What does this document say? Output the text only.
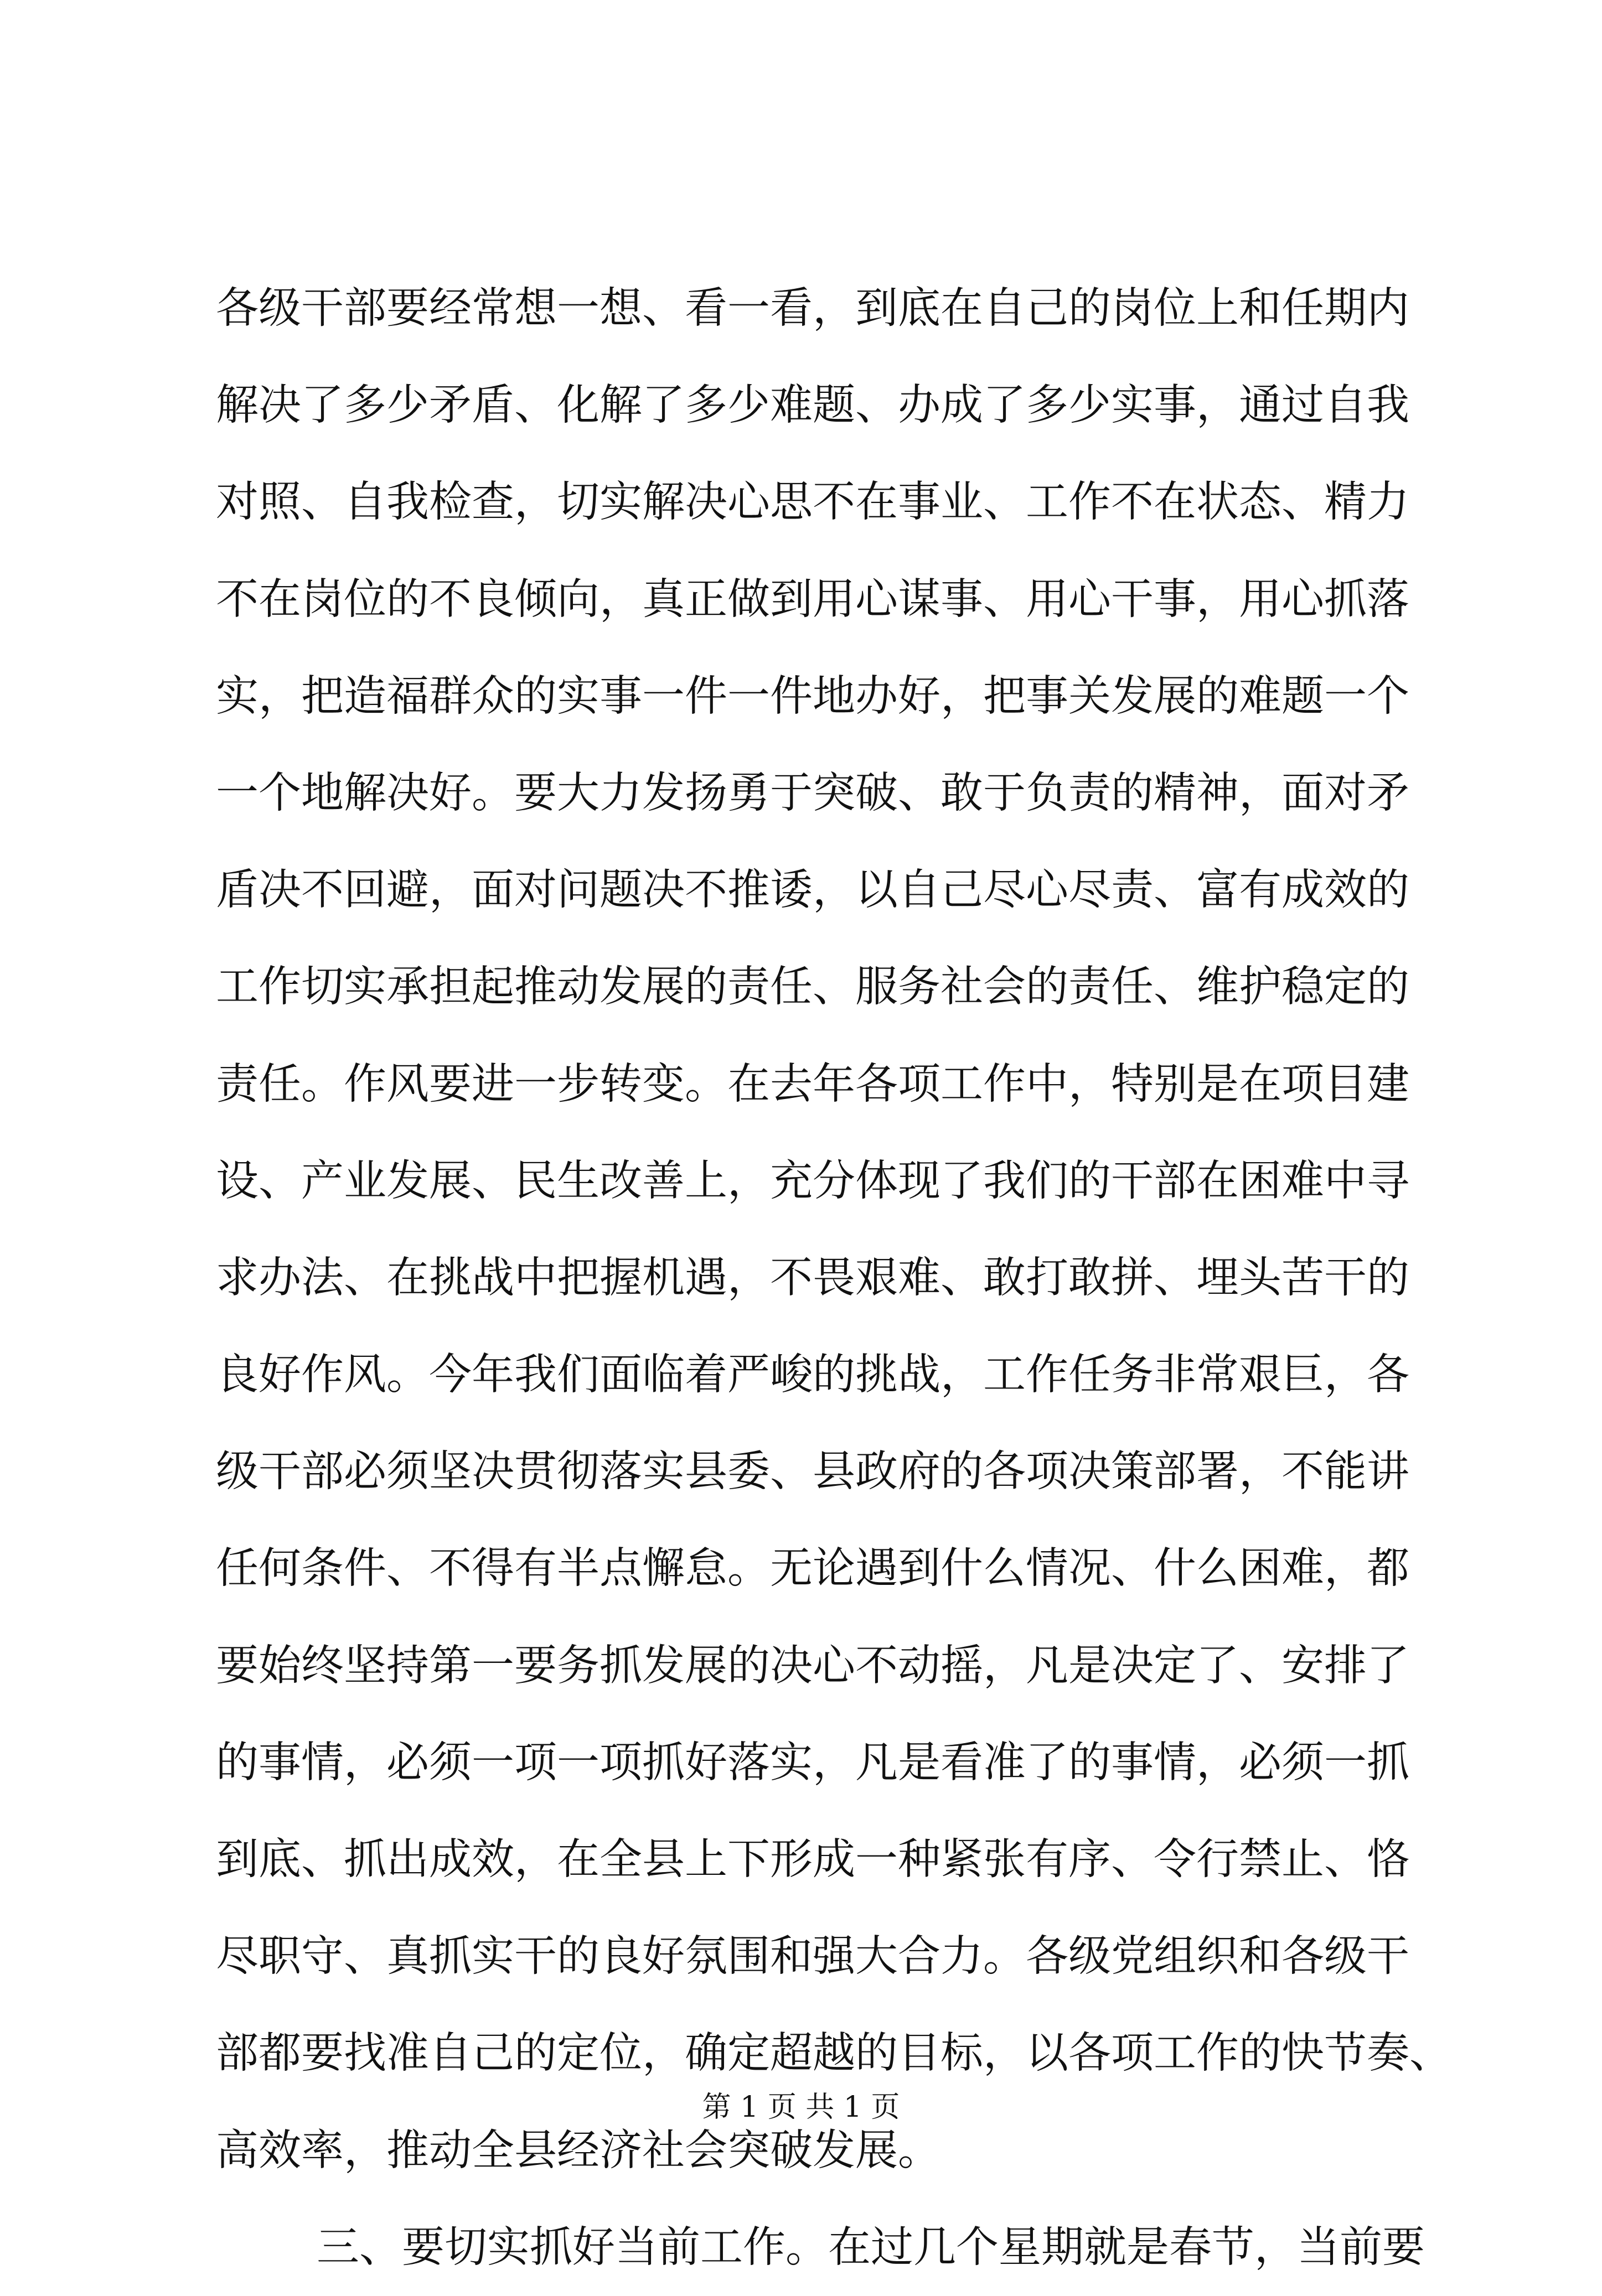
各级干部要经常想一想、看一看，到底在自己的岗位上和任期内
解决了多少矛盾、化解了多少难题、办成了多少实事，通过自我
对照、自我检查，切实解决心思不在事业、工作不在状态、精力
不在岗位的不良倾向，真正做到用心谋事、用心干事，用心抓落
实，把造福群众的实事一件一件地办好，把事关发展的难题一个
一个地解决好。要大力发扬勇于突破、敢于负责的精神，面对矛
盾决不回避，面对问题决不推诿，以自己尽心尽责、富有成效的
工作切实承担起推动发展的责任、服务社会的责任、维护稳定的
责任。作风要进一步转变。在去年各项工作中，特别是在项目建
设、产业发展、民生改善上，充分体现了我们的干部在困难中寻
求办法、在挑战中把握机遇，不畏艰难、敢打敢拼、埋头苦干的
良好作风。今年我们面临着严峻的挑战，工作任务非常艰巨，各
级干部必须坚决贯彻落实县委、县政府的各项决策部署，不能讲
任何条件、不得有半点懈怠。无论遇到什么情况、什么困难，都
要始终坚持第一要务抓发展的决心不动摇，凡是决定了、安排了
的事情，必须一项一项抓好落实，凡是看准了的事情，必须一抓
到底、抓出成效，在全县上下形成一种紧张有序、令行禁止、恪
尽职守、真抓实干的良好氛围和强大合力。各级党组织和各级干
部都要找准自己的定位，确定超越的目标，以各项工作的快节奏、
高效率，推动全县经济社会突破发展。
三、要切实抓好当前工作。在过几个星期就是春节，当前要
第 1 页 共 1 页
